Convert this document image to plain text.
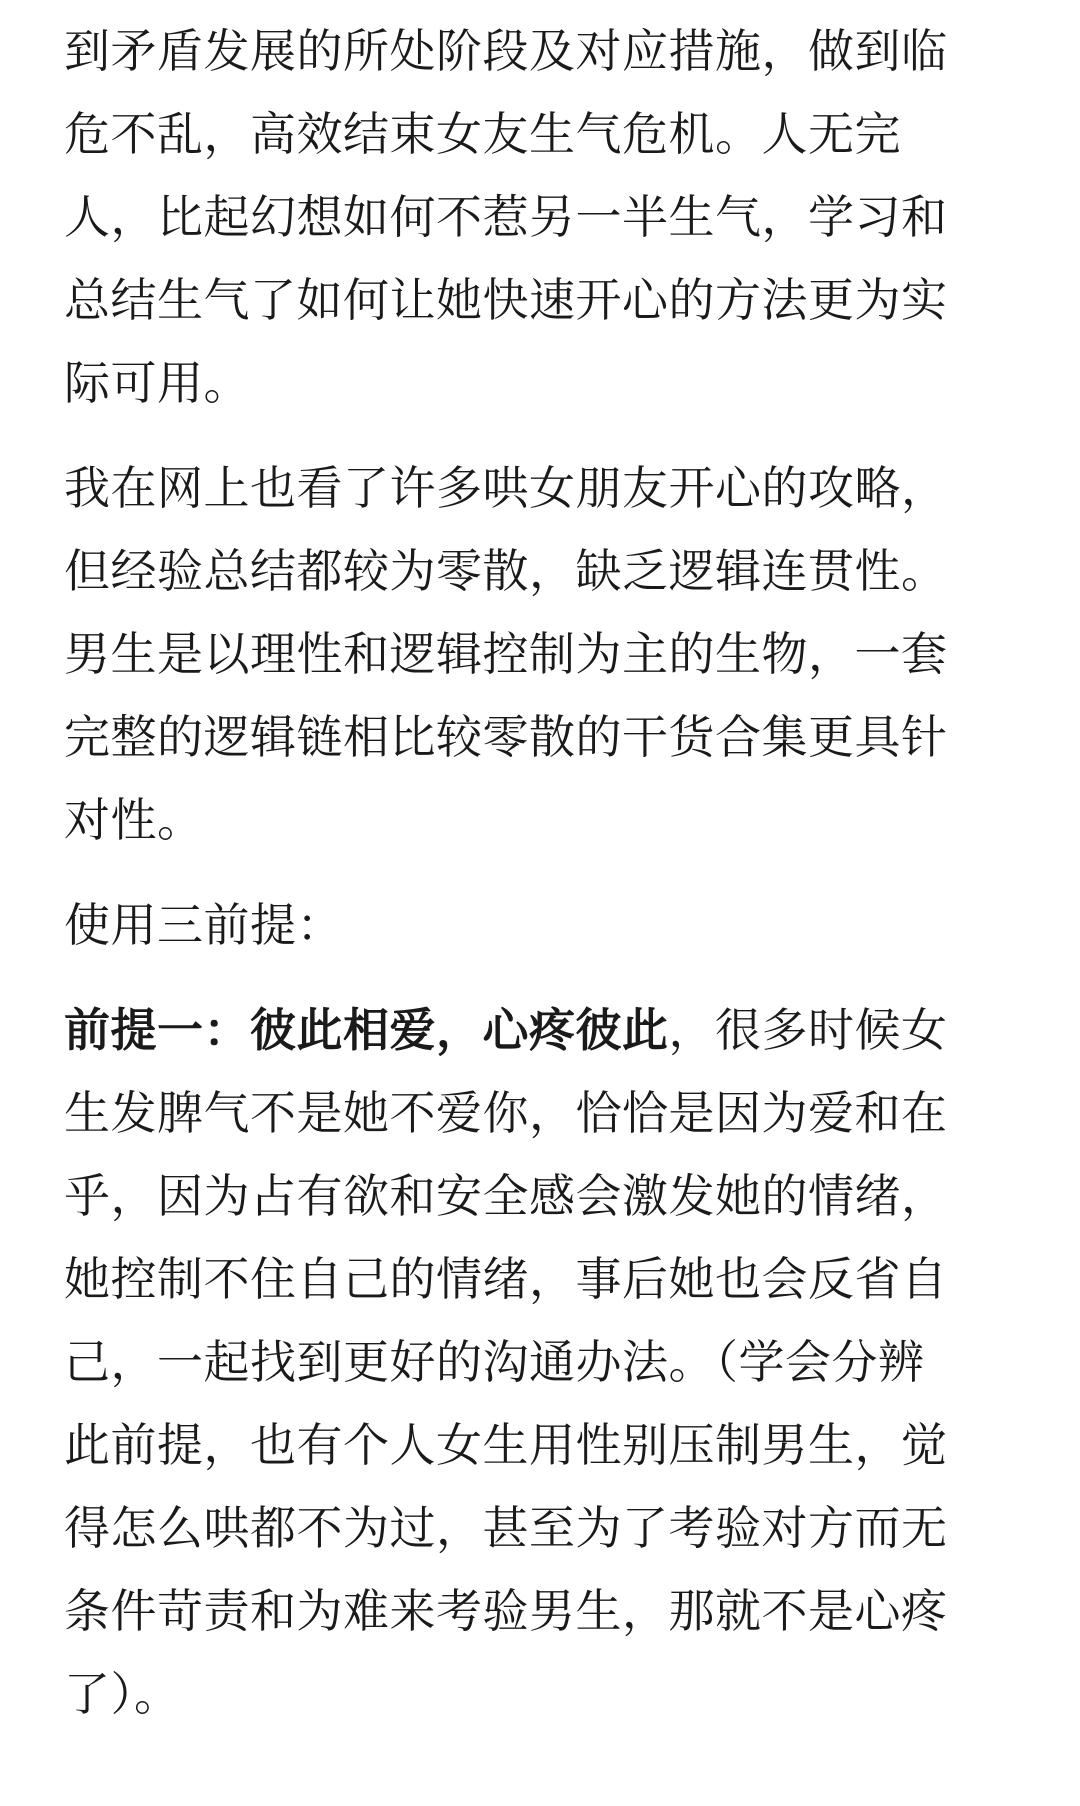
到矛盾发展的所处阶段及对应措施，做到临
危不乱，高效结束女友生气危机。人无完
人，比起幻想如何不惹另一半生气，学习和
总结生气了如何让她快速开心的方法更为实
际可用。
我在网上也看了许多哄女朋友开心的攻略，
但经验总结都较为零散，缺乏逻辑连贯性。
男生是以理性和逻辑控制为主的生物，一套
完整的逻辑链相比较零散的干货合集更具针
对性。
使用三前提：
前提一：彼此相爱，心疼彼此，很多时候女
生发脾气不是她不爱你，恰恰是因为爱和在
乎，因为占有欲和安全感会激发她的情绪，
她控制不住自己的情绪，事后她也会反省自
己，一起找到更好的沟通办法。（学会分辨
此前提，也有个人女生用性别压制男生，觉
得怎么哄都不为过，甚至为了考验对方而无
条件苛责和为难来考验男生，那就不是心疼
了）。
